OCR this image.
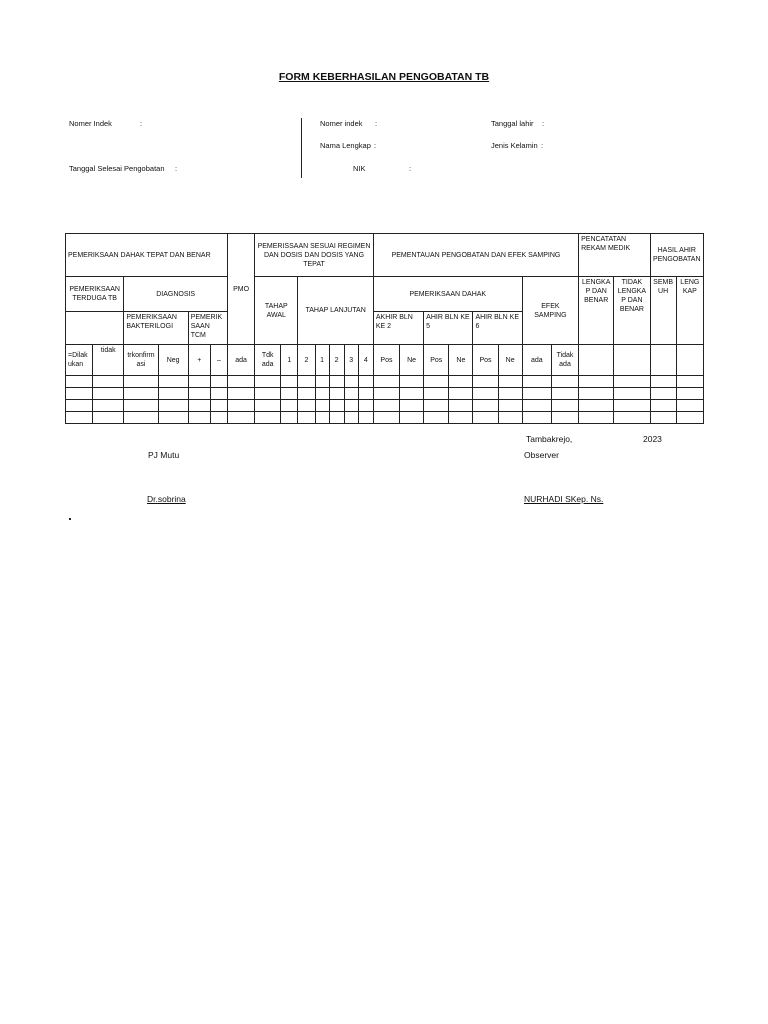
FORM KEBERHASILAN PENGOBATAN TB
Nomer Indek	:
Tanggal Selesai Pengobatan :
Nomer indek :
Nama Lengkap :
NIK	:
Tanggal lahir :
Jenis Kelamin :
PEMERIKSAAN DAHAK TEPAT DAN BENAR						PMO	PEMERISSAAN SESUAI REGIMEN DAN DOSIS DAN DOSIS YANG TEPAT							PEMENTAUAN PENGOBATAN DAN EFEK SAMPING								PENCATATAN REKAM MEDIK		HASIL AHIR PENGOBATAN	
PEMERIKSAAN TERDUGA TB		DIAGNOSIS					TAHAP AWAL		TAHAP LANJUTAN					PEMERIKSAAN DAHAK						EFEK SAMPING		LENGKAP DAN BENAR	TIDAK LENGKAP DAN BENAR	SEMBUH	LENGKAP
		PEMERIKSAAN BAKTERILOGI		PEMERIKSAAN TCM										AKHIR BLN KE 2		AHIR BLN KE 5		AHIR BLN KE 6							
=Dilakukan	tidak	trkonfirmasi	Neg	+	–	ada	Tdk ada	1	2	1	2	3	4	Pos	Ne	Pos	Ne	Pos	Ne	ada	Tidak ada				

Tambakrejo,	2023
PJ Mutu	Observer
Dr.sobrina	NURHADI SKep. Ns.
